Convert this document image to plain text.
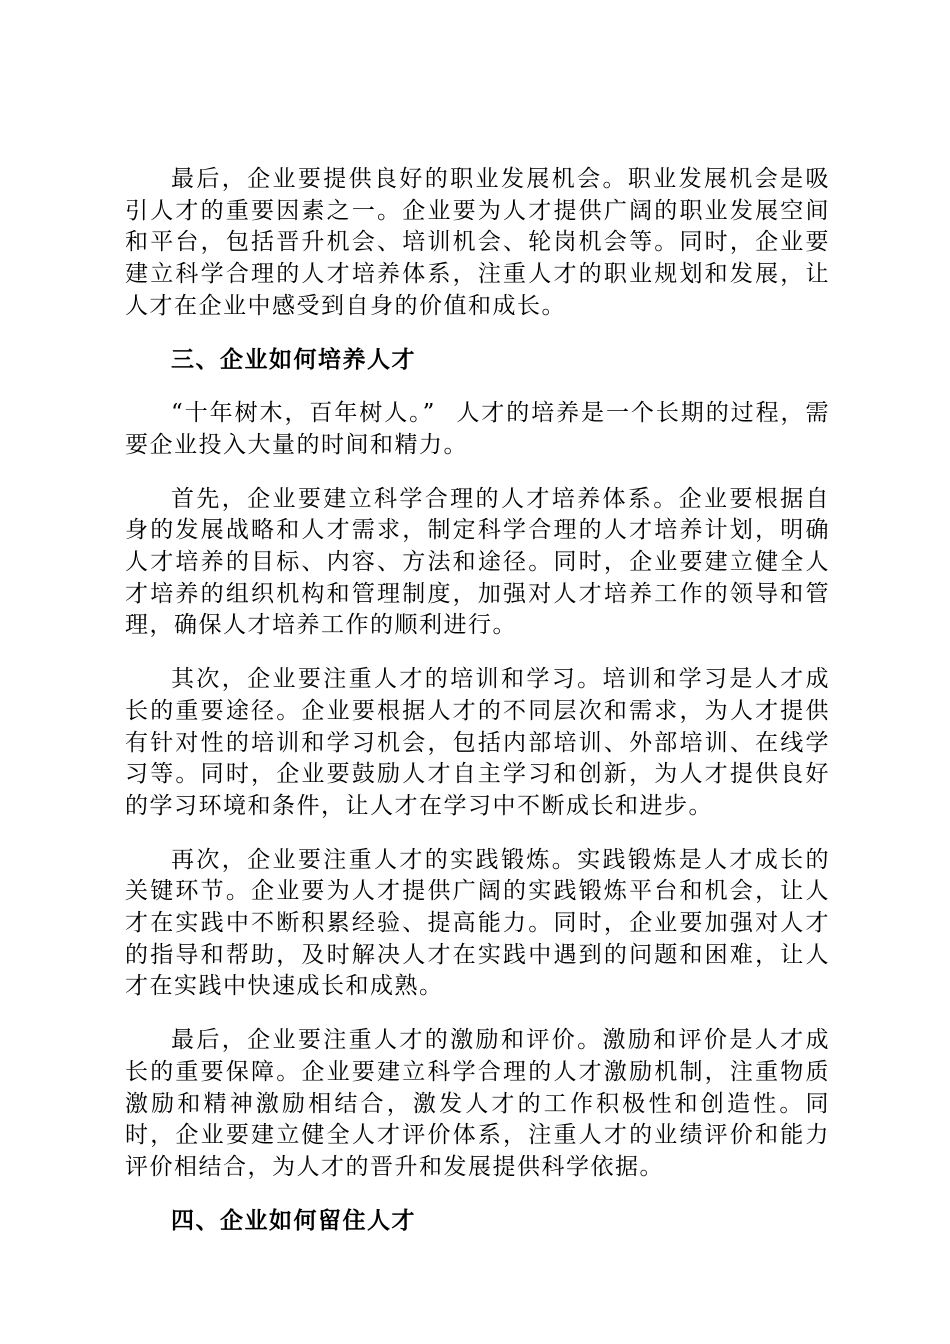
最后，企业要提供良好的职业发展机会。职业发展机会是吸引人才的重要因素之一。企业要为人才提供广阔的职业发展空间和平台，包括晋升机会、培训机会、轮岗机会等。同时，企业要建立科学合理的人才培养体系，注重人才的职业规划和发展，让人才在企业中感受到自身的价值和成长。

三、企业如何培养人才

“十年树木，百年树人。” 人才的培养是一个长期的过程，需要企业投入大量的时间和精力。

首先，企业要建立科学合理的人才培养体系。企业要根据自身的发展战略和人才需求，制定科学合理的人才培养计划，明确人才培养的目标、内容、方法和途径。同时，企业要建立健全人才培养的组织机构和管理制度，加强对人才培养工作的领导和管理，确保人才培养工作的顺利进行。

其次，企业要注重人才的培训和学习。培训和学习是人才成长的重要途径。企业要根据人才的不同层次和需求，为人才提供有针对性的培训和学习机会，包括内部培训、外部培训、在线学习等。同时，企业要鼓励人才自主学习和创新，为人才提供良好的学习环境和条件，让人才在学习中不断成长和进步。

再次，企业要注重人才的实践锻炼。实践锻炼是人才成长的关键环节。企业要为人才提供广阔的实践锻炼平台和机会，让人才在实践中不断积累经验、提高能力。同时，企业要加强对人才的指导和帮助，及时解决人才在实践中遇到的问题和困难，让人才在实践中快速成长和成熟。

最后，企业要注重人才的激励和评价。激励和评价是人才成长的重要保障。企业要建立科学合理的人才激励机制，注重物质激励和精神激励相结合，激发人才的工作积极性和创造性。同时，企业要建立健全人才评价体系，注重人才的业绩评价和能力评价相结合，为人才的晋升和发展提供科学依据。

四、企业如何留住人才
